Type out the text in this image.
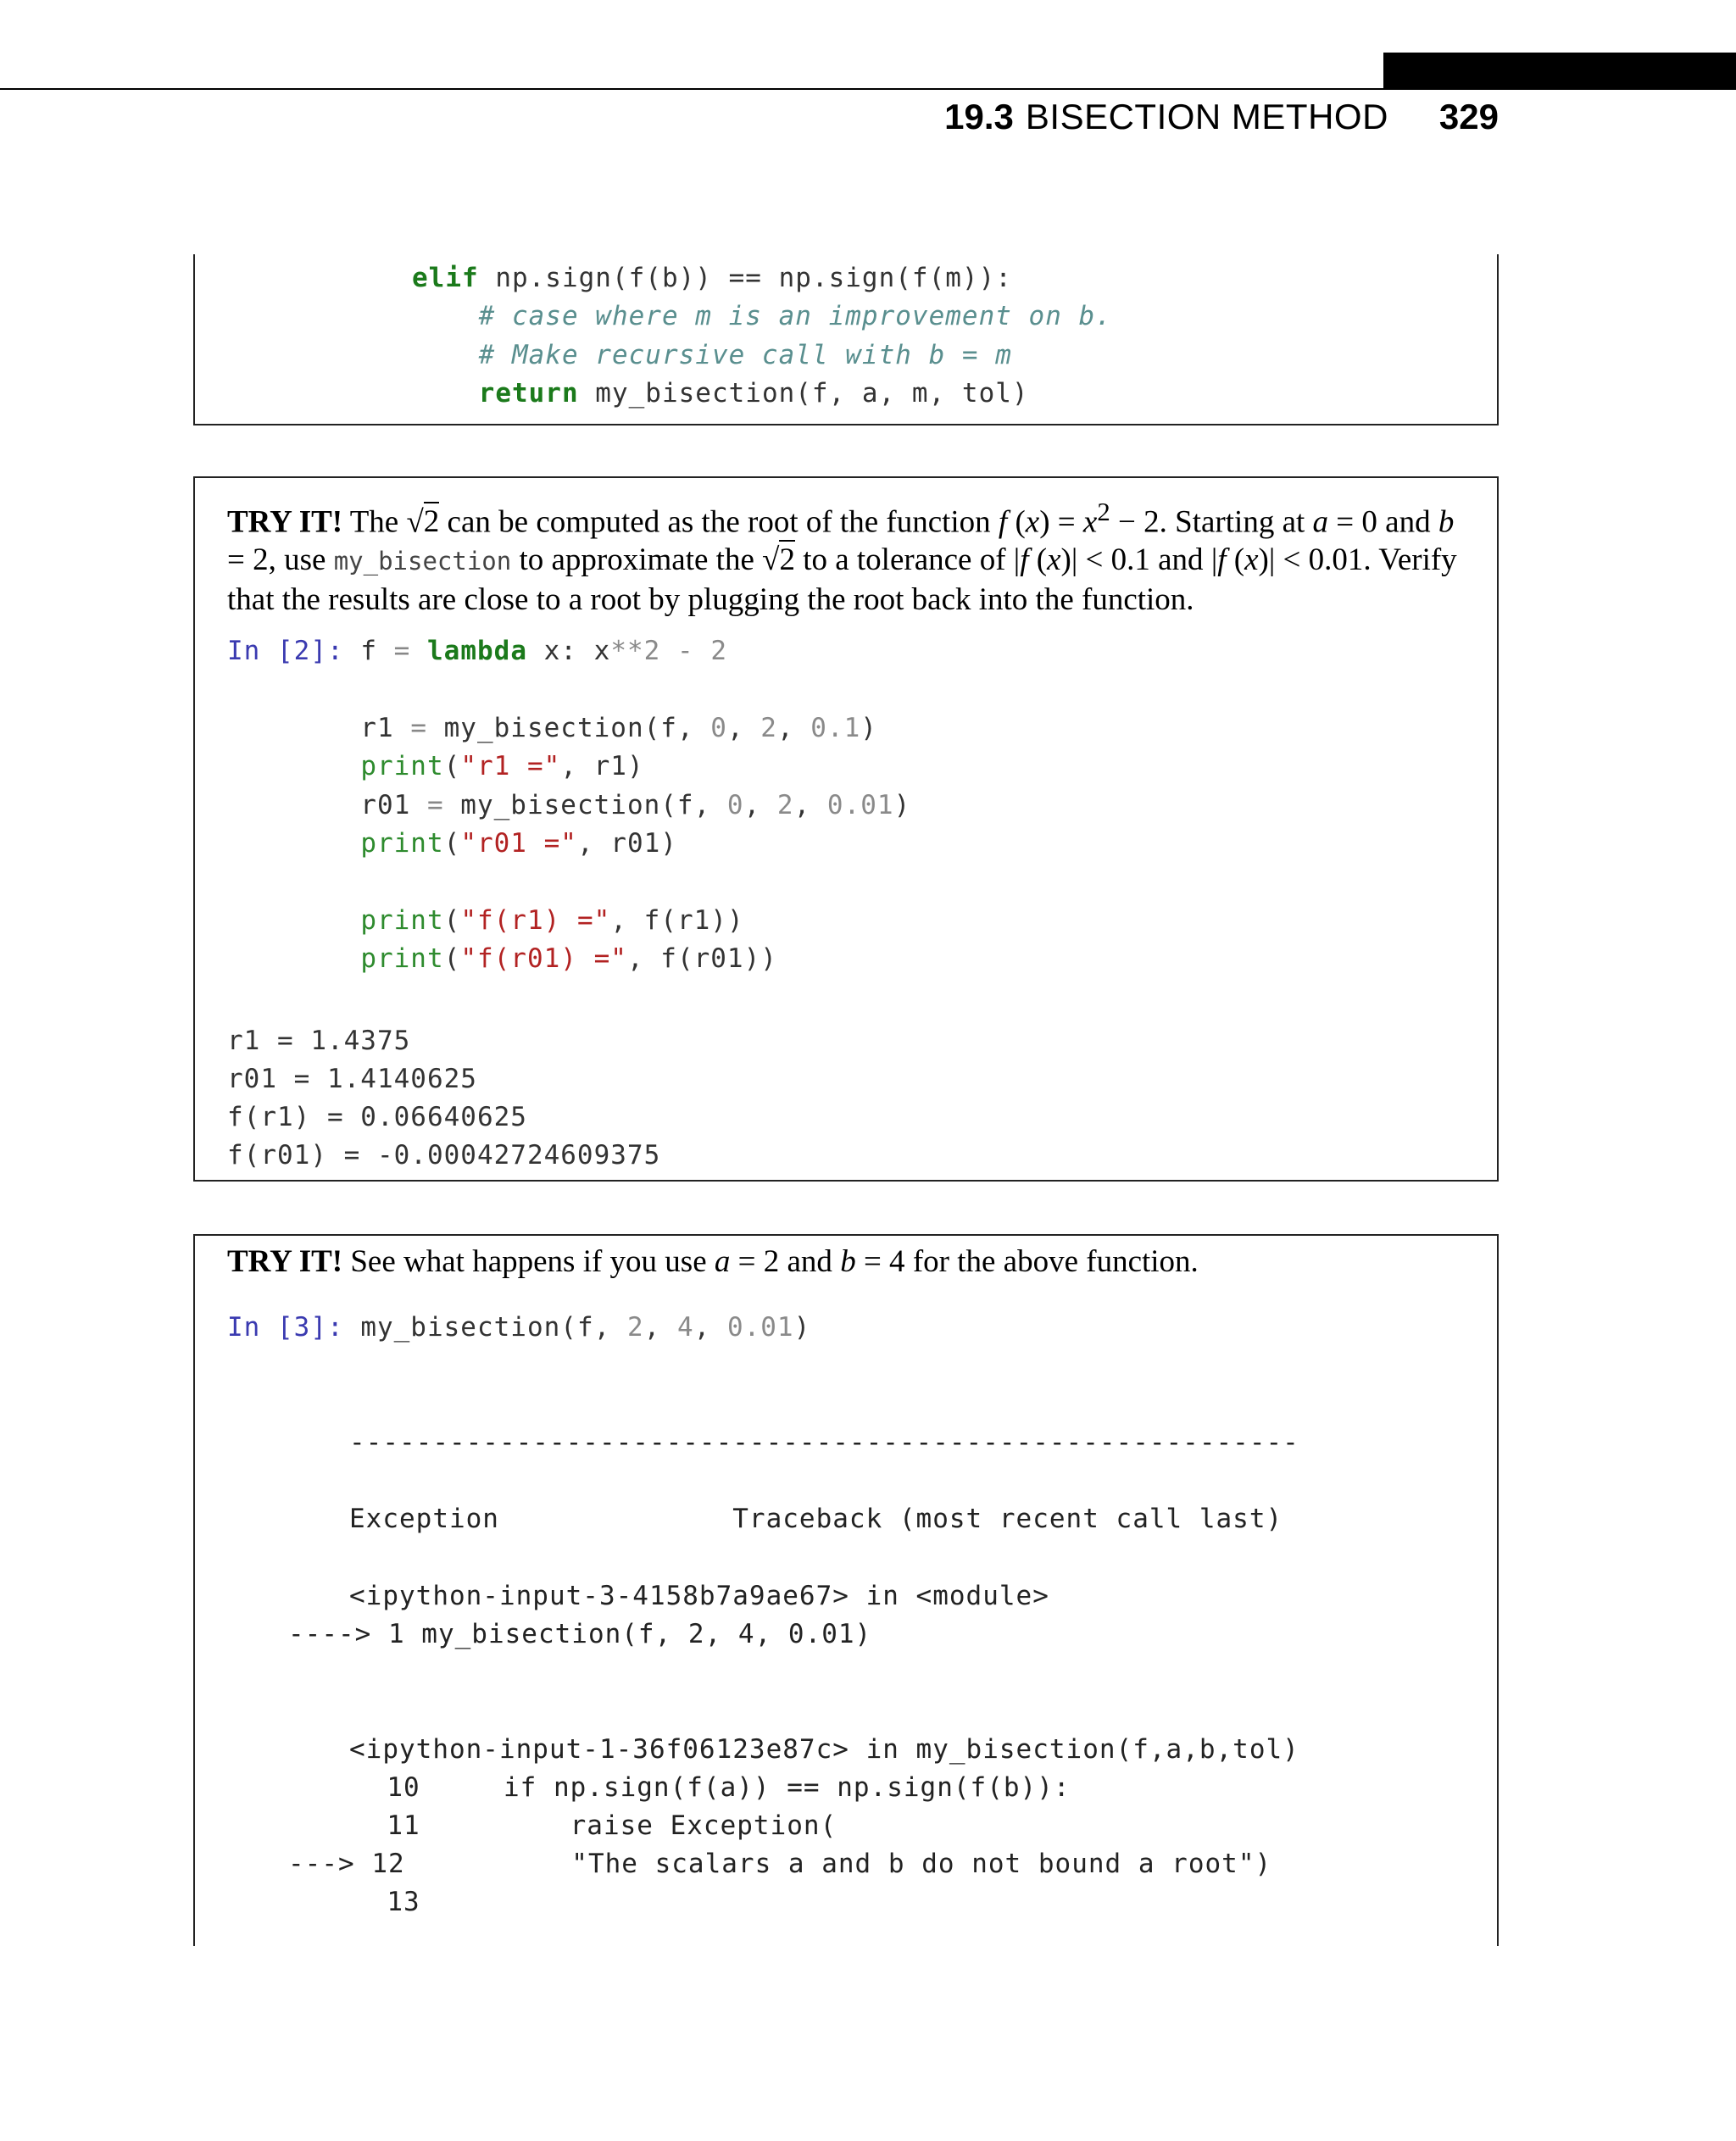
19.3 BISECTION METHOD 329
elif np.sign(f(b)) == np.sign(f(m)):
# case where m is an improvement on b.
# Make recursive call with b = m
return my_bisection(f, a, m, tol)
TRY IT! The √2 can be computed as the root of the function f $(x) = x^2 - 2$. Starting at a = 0 and b = 2, use my_bisection to approximate the √2 to a tolerance of |f (x)| < 0.1 and |f (x)| < 0.01. Verify that the results are close to a root by plugging the root back into the function.
In [2]: f = lambda x: x**2 - 2

r1 = my_bisection(f, 0, 2, 0.1)
print("r1 =", r1)
r01 = my_bisection(f, 0, 2, 0.01)
print("r01 =", r01)

print("f(r1) =", f(r1))
print("f(r01) =", f(r01))
r1 = 1.4375
r01 = 1.4140625
f(r1) = 0.06640625
f(r01) = -0.00042724609375
TRY IT! See what happens if you use a = 2 and b = 4 for the above function.
In [3]: my_bisection(f, 2, 4, 0.01)
---------------------------------------------------------

Exception              Traceback (most recent call last)

<ipython-input-3-4158b7a9ae67> in <module>
----> 1 my_bisection(f, 2, 4, 0.01)

<ipython-input-1-36f06123e87c> in my_bisection(f,a,b,tol)
10     if np.sign(f(a)) == np.sign(f(b)):
11         raise Exception(
---> 12          "The scalars a and b do not bound a root")
13
